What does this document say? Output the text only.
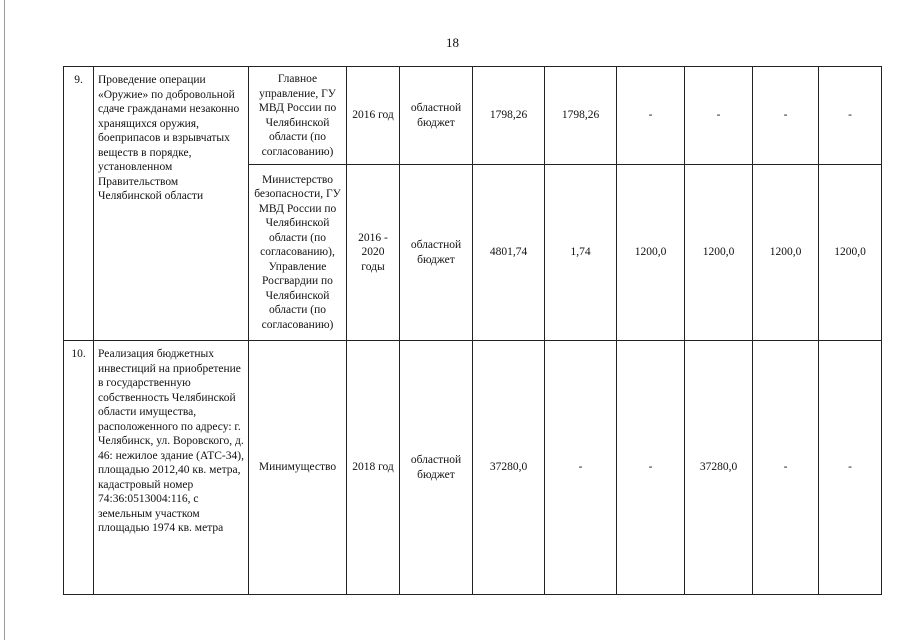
18
9.	Проведение операции «Оружие» по добровольной сдаче гражданами незаконно хранящихся оружия, боеприпасов и взрывчатых веществ в порядке, установленном Правительством Челябинской области	Главное управление, ГУ МВД России по Челябинской области (по согласованию)	2016 год	областной бюджет	1798,26	1798,26	-	-	-	-
		Министерство безопасности, ГУ МВД России по Челябинской области (по согласованию), Управление Росгвардии по Челябинской области (по согласованию)	2016 - 2020 годы	областной бюджет	4801,74	1,74	1200,0	1200,0	1200,0	1200,0
10.	Реализация бюджетных инвестиций на приобретение в государственную собственность Челябинской области имущества, расположенного по адресу: г. Челябинск, ул. Воровского, д. 46: нежилое здание (АТС-34), площадью 2012,40 кв. метра, кадастровый номер 74:36:0513004:116, с земельным участком площадью 1974 кв. метра	Минимущество	2018 год	областной бюджет	37280,0	-	-	37280,0	-	-
